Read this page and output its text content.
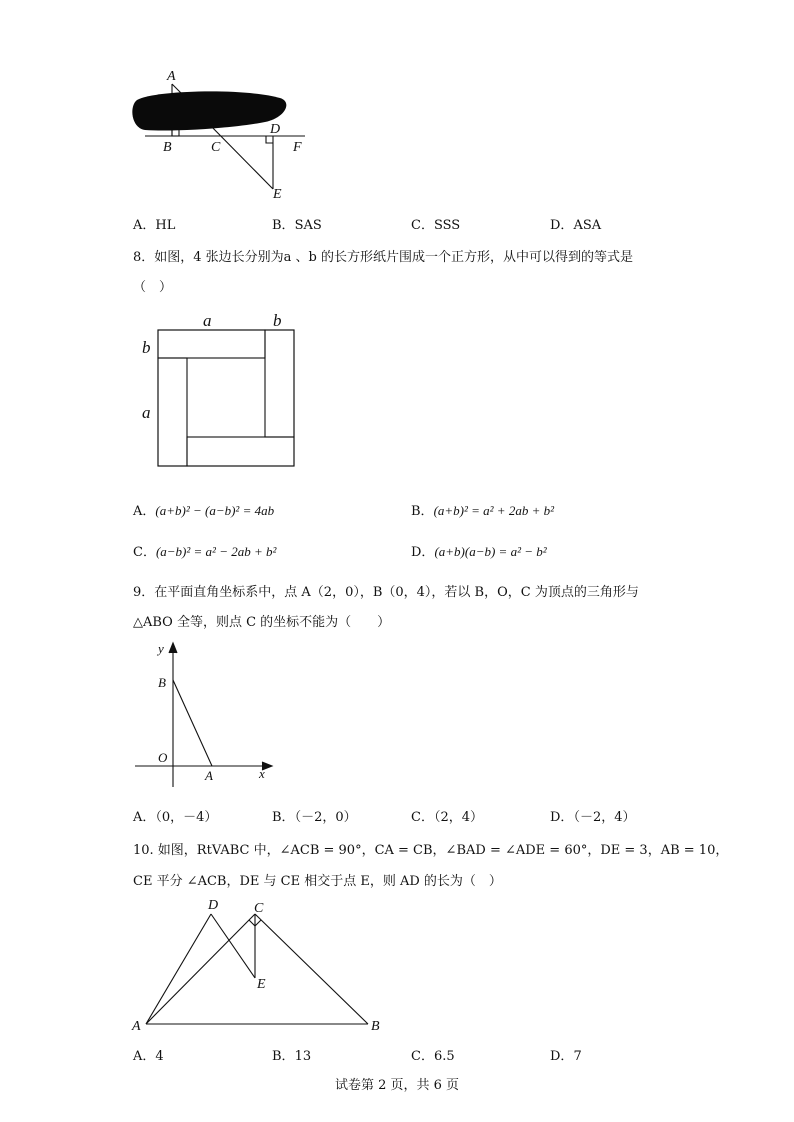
A
B	C
D
F
E
A．HL	B．SAS	C．SSS	D．ASA
8．如图，4 张边长分别为a 、b 的长方形纸片围成一个正方形，从中可以得到的等式是
（　）
a	b
b
a
A．(a+b)² − (a−b)² = 4ab	B．(a+b)² = a² + 2ab + b²
C．(a−b)² = a² − 2ab + b²	D．(a+b)(a−b) = a² − b²
9．在平面直角坐标系中，点 A（2，0），B（0，4），若以 B，O，C 为顶点的三角形与
△ABO 全等，则点 C 的坐标不能为（　　）
y
B
O
A	x
A．（0，－4）	B．（－2，0）	C．（2，4）	D．（－2，4）
10. 如图，RtVABC 中，∠ACB = 90°，CA = CB，∠BAD = ∠ADE = 60°，DE = 3，AB = 10，
CE 平分 ∠ACB，DE 与 CE 相交于点 E，则 AD 的长为（　）
D	C
E
A	B
A．4	B．13	C．6.5	D．7
试卷第 2 页，共 6 页
